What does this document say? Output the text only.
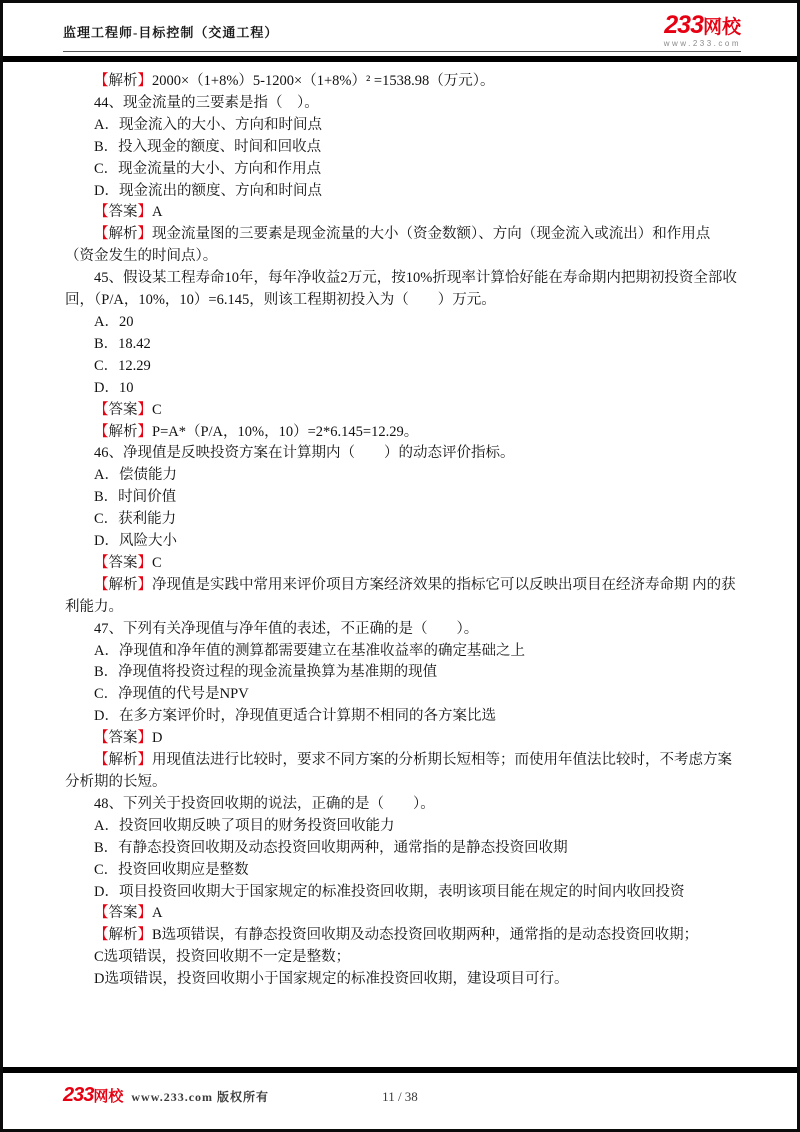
监理工程师-目标控制（交通工程）	233网校
www.233.com

【解析】2000×（1+8%）5-1200×（1+8%）² =1538.98（万元）。

44、现金流量的三要素是指（　）。

A．现金流入的大小、方向和时间点

B．投入现金的额度、时间和回收点

C．现金流量的大小、方向和作用点

D．现金流出的额度、方向和时间点

【答案】A

【解析】现金流量图的三要素是现金流量的大小（资金数额）、方向（现金流入或流出）和作用点（资金发生的时间点）。

45、假设某工程寿命10年，每年净收益2万元，按10%折现率计算恰好能在寿命期内把期初投资全部收回，（P/A，10%，10）=6.145，则该工程期初投入为（　　）万元。

A．20

B．18.42

C．12.29

D．10

【答案】C

【解析】P=A*（P/A，10%，10）=2*6.145=12.29。

46、净现值是反映投资方案在计算期内（　　）的动态评价指标。

A．偿债能力

B．时间价值

C．获利能力

D．风险大小

【答案】C

【解析】净现值是实践中常用来评价项目方案经济效果的指标它可以反映出项目在经济寿命期 内的获利能力。

47、下列有关净现值与净年值的表述，不正确的是（　　）。

A．净现值和净年值的测算都需要建立在基准收益率的确定基础之上

B．净现值将投资过程的现金流量换算为基准期的现值

C．净现值的代号是NPV

D．在多方案评价时，净现值更适合计算期不相同的各方案比选

【答案】D

【解析】用现值法进行比较时，要求不同方案的分析期长短相等；而使用年值法比较时，不考虑方案分析期的长短。

48、下列关于投资回收期的说法，正确的是（　　）。

A．投资回收期反映了项目的财务投资回收能力

B．有静态投资回收期及动态投资回收期两种，通常指的是静态投资回收期

C．投资回收期应是整数

D．项目投资回收期大于国家规定的标准投资回收期，表明该项目能在规定的时间内收回投资

【答案】A

【解析】B选项错误，有静态投资回收期及动态投资回收期两种，通常指的是动态投资回收期；

C选项错误，投资回收期不一定是整数；

D选项错误，投资回收期小于国家规定的标准投资回收期，建设项目可行。

233网校 www.233.com 版权所有	11 / 38
